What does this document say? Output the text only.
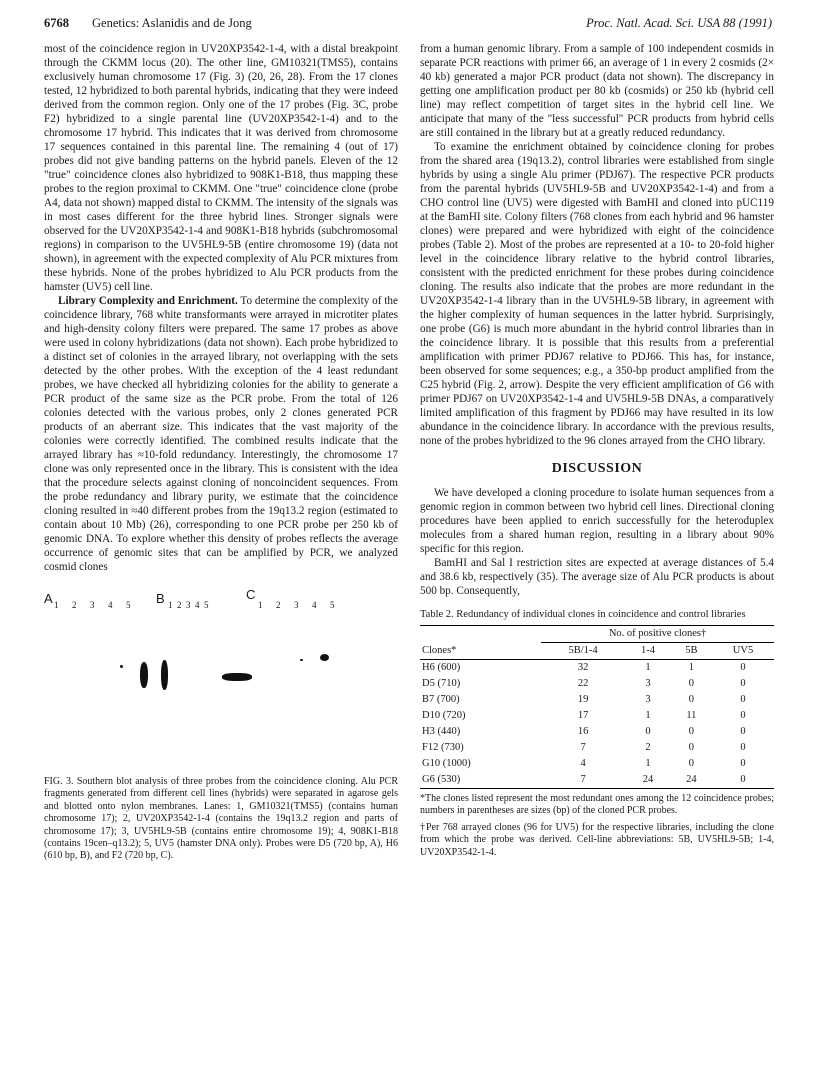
6768 Genetics: Aslanidis and de Jong	Proc. Natl. Acad. Sci. USA 88 (1991)

most of the coincidence region in UV20XP3542-1-4, with a distal breakpoint through the CKMM locus (20). The other line, GM10321(TMS5), contains exclusively human chromosome 17 (Fig. 3) (20, 26, 28). From the 17 clones tested, 12 hybridized to both parental hybrids, indicating that they were indeed derived from the common region. Only one of the 17 probes (Fig. 3C, probe F2) hybridized to a single parental line (UV20XP3542-1-4) and to the chromosome 17 hybrid. This indicates that it was derived from chromosome 17 sequences contained in this parental line. The remaining 4 (out of 17) probes did not give banding patterns on the hybrid panels. Eleven of the 12 "true" coincidence clones also hybridized to 908K1-B18, thus mapping these probes to the region proximal to CKMM. One "true" coincidence clone (probe A4, data not shown) mapped distal to CKMM. The intensity of the signals was in most cases different for the three hybrid lines. Stronger signals were observed for the UV20XP3542-1-4 and 908K1-B18 hybrids (subchromosomal regions) in comparison to the UV5HL9-5B (entire chromosome 19) (data not shown), in agreement with the expected complexity of Alu PCR mixtures from these hybrids. None of the probes hybridized to Alu PCR products from the hamster (UV5) cell line.

Library Complexity and Enrichment. To determine the complexity of the coincidence library, 768 white transformants were arrayed in microtiter plates and high-density colony filters were prepared. The same 17 probes as above were used in colony hybridizations (data not shown). Each probe hybridized to a distinct set of colonies in the arrayed library, not overlapping with the sets detected by the other probes. With the exception of the 4 least redundant probes, we have checked all hybridizing colonies for the ability to generate a PCR product of the same size as the PCR probe. From the total of 126 colonies detected with the various probes, only 2 clones generated PCR products of an aberrant size. This indicates that the vast majority of the colonies were correctly identified. The combined results indicate that the arrayed library has ≈10-fold redundancy. Interestingly, the chromosome 17 clone was only represented once in the library. This is consistent with the idea that the procedure selects against cloning of noncoincident sequences. From the probe redundancy and library purity, we estimate that the coincidence cloning resulted in ≈40 different probes from the 19q13.2 region (estimated to contain about 10 Mb) (26), corresponding to one PCR probe per 250 kb of genomic DNA. To explore whether this density of probes reflects the average occurrence of genomic sites that can be amplified by PCR, we analyzed cosmid clones

A 1 2 3 4 5	B 1 2 3 4 5
C
1 2 3 4 5

FIG. 3. Southern blot analysis of three probes from the coincidence cloning. Alu PCR fragments generated from different cell lines (hybrids) were separated in agarose gels and blotted onto nylon membranes. Lanes: 1, GM10321(TMS5) (contains human chromosome 17); 2, UV20XP3542-1-4 (contains the 19q13.2 region and parts of chromosome 17); 3, UV5HL9-5B (contains entire chromosome 19); 4, 908K1-B18 (contains 19cen–q13.2); 5, UV5 (hamster DNA only). Probes were D5 (720 bp, A), H6 (610 bp, B), and F2 (720 bp, C).

from a human genomic library. From a sample of 100 independent cosmids in separate PCR reactions with primer 66, an average of 1 in every 2 cosmids (2× 40 kb) generated a major PCR product (data not shown). The discrepancy in getting one amplification product per 80 kb (cosmids) or 250 kb (hybrid cell line) may reflect competition of target sites in the hybrid cell line. We anticipate that many of the "less successful" PCR products from hybrid cells are still contained in the library but at a greatly reduced redundancy.

To examine the enrichment obtained by coincidence cloning for probes from the shared area (19q13.2), control libraries were established from single hybrids by using a single Alu primer (PDJ67). The respective PCR products from the parental hybrids (UV5HL9-5B and UV20XP3542-1-4) and from a CHO control line (UV5) were digested with BamHI and cloned into pUC119 at the BamHI site. Colony filters (768 clones from each hybrid and 96 hamster clones) were prepared and were hybridized with eight of the coincidence probes (Table 2). Most of the probes are represented at a 10- to 20-fold higher level in the coincidence library relative to the hybrid control libraries, consistent with the predicted enrichment for these probes during coincidence cloning. The results also indicate that the probes are more redundant in the UV20XP3542-1-4 library than in the UV5HL9-5B library, in agreement with the higher complexity of human sequences in the latter hybrid. Surprisingly, one probe (G6) is much more abundant in the hybrid control libraries than in the coincidence library. It is possible that this results from a preferential amplification with primer PDJ67 relative to PDJ66. This has, for instance, been observed for some sequences; e.g., a 350-bp product amplified from the C25 hybrid (Fig. 2, arrow). Despite the very efficient amplification of G6 with primer PDJ67 on UV20XP3542-1-4 and UV5HL9-5B DNAs, a comparatively limited amplification of this fragment by PDJ66 may have resulted in its low abundance in the coincidence library. In accordance with the previous results, none of the probes hybridized to the 96 clones arrayed from the CHO library.

DISCUSSION

We have developed a cloning procedure to isolate human sequences from a genomic region in common between two hybrid cell lines. Directional cloning procedures have been applied to enrich successfully for the heteroduplex molecules from a shared human region, resulting in a library about 90% specific for this region.

BamHI and Sal I restriction sites are expected at average distances of 5.4 and 38.6 kb, respectively (35). The average size of Alu PCR products is about 500 bp. Consequently,

Table 2. Redundancy of individual clones in coincidence and control libraries

	No. of positive clones†			
Clones*	5B/1-4	1-4	5B	UV5
H6 (600)	32	1	1	0
D5 (710)	22	3	0	0
B7 (700)	19	3	0	0
D10 (720)	17	1	11	0
H3 (440)	16	0	0	0
F12 (730)	7	2	0	0
G10 (1000)	4	1	0	0
G6 (530)	7	24	24	0

*The clones listed represent the most redundant ones among the 12 coincidence probes; numbers in parentheses are sizes (bp) of the cloned PCR probes.

†Per 768 arrayed clones (96 for UV5) for the respective libraries, including the clone from which the probe was derived. Cell-line abbreviations: 5B, UV5HL9-5B; 1-4, UV20XP3542-1-4.
